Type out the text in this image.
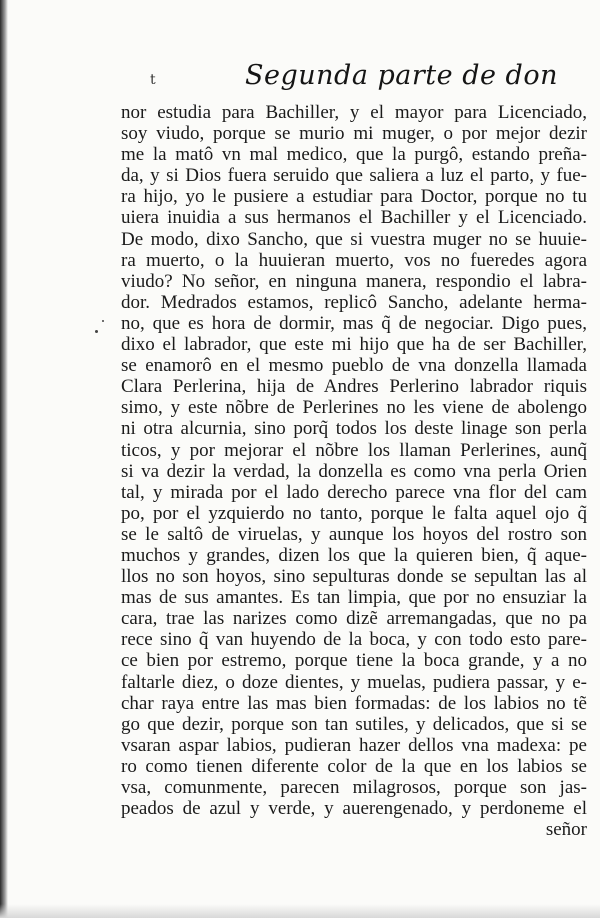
t	Segunda parte de don
nor estudia para Bachiller, y el mayor para Licenciado,
soy viudo, porque se murio mi muger, o por mejor dezir
me la matô vn mal medico, que la purgô, estando preña-
da, y si Dios fuera seruido que saliera a luz el parto, y fue-
ra hijo, yo le pusiere a estudiar para Doctor, porque no tu
uiera inuidia a sus hermanos el Bachiller y el Licenciado.
De modo, dixo Sancho, que si vuestra muger no se huuie-
ra muerto, o la huuieran muerto, vos no fueredes agora
viudo? No señor, en ninguna manera, respondio el labra-
dor. Medrados estamos, replicô Sancho, adelante herma-
no, que es hora de dormir, mas q̃ de negociar. Digo pues,
dixo el labrador, que este mi hijo que ha de ser Bachiller,
se enamorô en el mesmo pueblo de vna donzella llamada
Clara Perlerina, hija de Andres Perlerino labrador riquis
simo, y este nõbre de Perlerines no les viene de abolengo
ni otra alcurnia, sino porq̃ todos los deste linage son perla
ticos, y por mejorar el nõbre los llaman Perlerines, aunq̃
si va dezir la verdad, la donzella es como vna perla Orien
tal, y mirada por el lado derecho parece vna flor del cam
po, por el yzquierdo no tanto, porque le falta aquel ojo q̃
se le saltô de viruelas, y aunque los hoyos del rostro son
muchos y grandes, dizen los que la quieren bien, q̃ aque-
llos no son hoyos, sino sepulturas donde se sepultan las al
mas de sus amantes. Es tan limpia, que por no ensuziar la
cara, trae las narizes como dizẽ arremangadas, que no pa
rece sino q̃ van huyendo de la boca, y con todo esto pare-
ce bien por estremo, porque tiene la boca grande, y a no
faltarle diez, o doze dientes, y muelas, pudiera passar, y e-
char raya entre las mas bien formadas: de los labios no tẽ
go que dezir, porque son tan sutiles, y delicados, que si se
vsaran aspar labios, pudieran hazer dellos vna madexa: pe
ro como tienen diferente color de la que en los labios se
vsa, comunmente, parecen milagrosos, porque son jas-
peados de azul y verde, y auerengenado, y perdoneme el
señor
